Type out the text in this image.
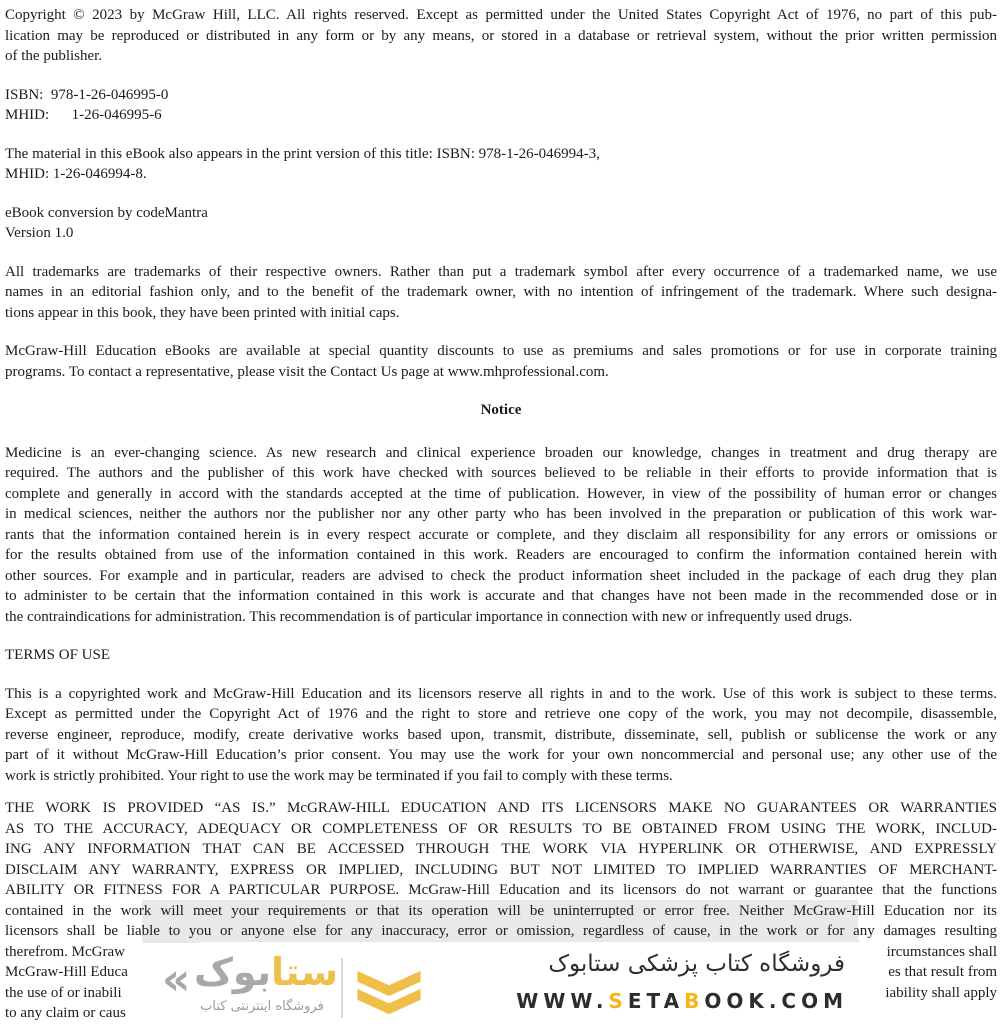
Copyright © 2023 by McGraw Hill, LLC. All rights reserved. Except as permitted under the United States Copyright Act of 1976, no part of this pub-
lication may be reproduced or distributed in any form or by any means, or stored in a database or retrieval system, without the prior written permission
of the publisher.
ISBN:  978-1-26-046995-0
MHID:      1-26-046995-6
The material in this eBook also appears in the print version of this title: ISBN: 978-1-26-046994-3,
MHID: 1-26-046994-8.
eBook conversion by codeMantra
Version 1.0
All trademarks are trademarks of their respective owners. Rather than put a trademark symbol after every occurrence of a trademarked name, we use
names in an editorial fashion only, and to the benefit of the trademark owner, with no intention of infringement of the trademark. Where such designa-
tions appear in this book, they have been printed with initial caps.
McGraw-Hill Education eBooks are available at special quantity discounts to use as premiums and sales promotions or for use in corporate training
programs. To contact a representative, please visit the Contact Us page at www.mhprofessional.com.
Notice
Medicine is an ever-changing science. As new research and clinical experience broaden our knowledge, changes in treatment and drug therapy are
required. The authors and the publisher of this work have checked with sources believed to be reliable in their efforts to provide information that is
complete and generally in accord with the standards accepted at the time of publication. However, in view of the possibility of human error or changes
in medical sciences, neither the authors nor the publisher nor any other party who has been involved in the preparation or publication of this work war-
rants that the information contained herein is in every respect accurate or complete, and they disclaim all responsibility for any errors or omissions or
for the results obtained from use of the information contained in this work. Readers are encouraged to confirm the information contained herein with
other sources. For example and in particular, readers are advised to check the product information sheet included in the package of each drug they plan
to administer to be certain that the information contained in this work is accurate and that changes have not been made in the recommended dose or in
the contraindications for administration. This recommendation is of particular importance in connection with new or infrequently used drugs.
TERMS OF USE
This is a copyrighted work and McGraw-Hill Education and its licensors reserve all rights in and to the work. Use of this work is subject to these terms.
Except as permitted under the Copyright Act of 1976 and the right to store and retrieve one copy of the work, you may not decompile, disassemble,
reverse engineer, reproduce, modify, create derivative works based upon, transmit, distribute, disseminate, sell, publish or sublicense the work or any
part of it without McGraw-Hill Education’s prior consent. You may use the work for your own noncommercial and personal use; any other use of the
work is strictly prohibited. Your right to use the work may be terminated if you fail to comply with these terms.
THE WORK IS PROVIDED “AS IS.” McGRAW-HILL EDUCATION AND ITS LICENSORS MAKE NO GUARANTEES OR WARRANTIES
AS TO THE ACCURACY, ADEQUACY OR COMPLETENESS OF OR RESULTS TO BE OBTAINED FROM USING THE WORK, INCLUD-
ING ANY INFORMATION THAT CAN BE ACCESSED THROUGH THE WORK VIA HYPERLINK OR OTHERWISE, AND EXPRESSLY
DISCLAIM ANY WARRANTY, EXPRESS OR IMPLIED, INCLUDING BUT NOT LIMITED TO IMPLIED WARRANTIES OF MERCHANT-
ABILITY OR FITNESS FOR A PARTICULAR PURPOSE. McGraw-Hill Education and its licensors do not warrant or guarantee that the functions
contained in the work will meet your requirements or that its operation will be uninterrupted or error free. Neither McGraw-Hill Education nor its
licensors shall be liable to you or anyone else for any inaccuracy, error or omission, regardless of cause, in the work or for any damages resulting
therefrom. McGraw	ircumstances shall
McGraw-Hill Educa	es that result from
the use of or inabili	iability shall apply
to any claim or caus
«	ستابوک
فروشگاه اینترنتی کتاب
فروشگاه کتاب پزشکی ستابوک
WWW.SETABOOK.COM
